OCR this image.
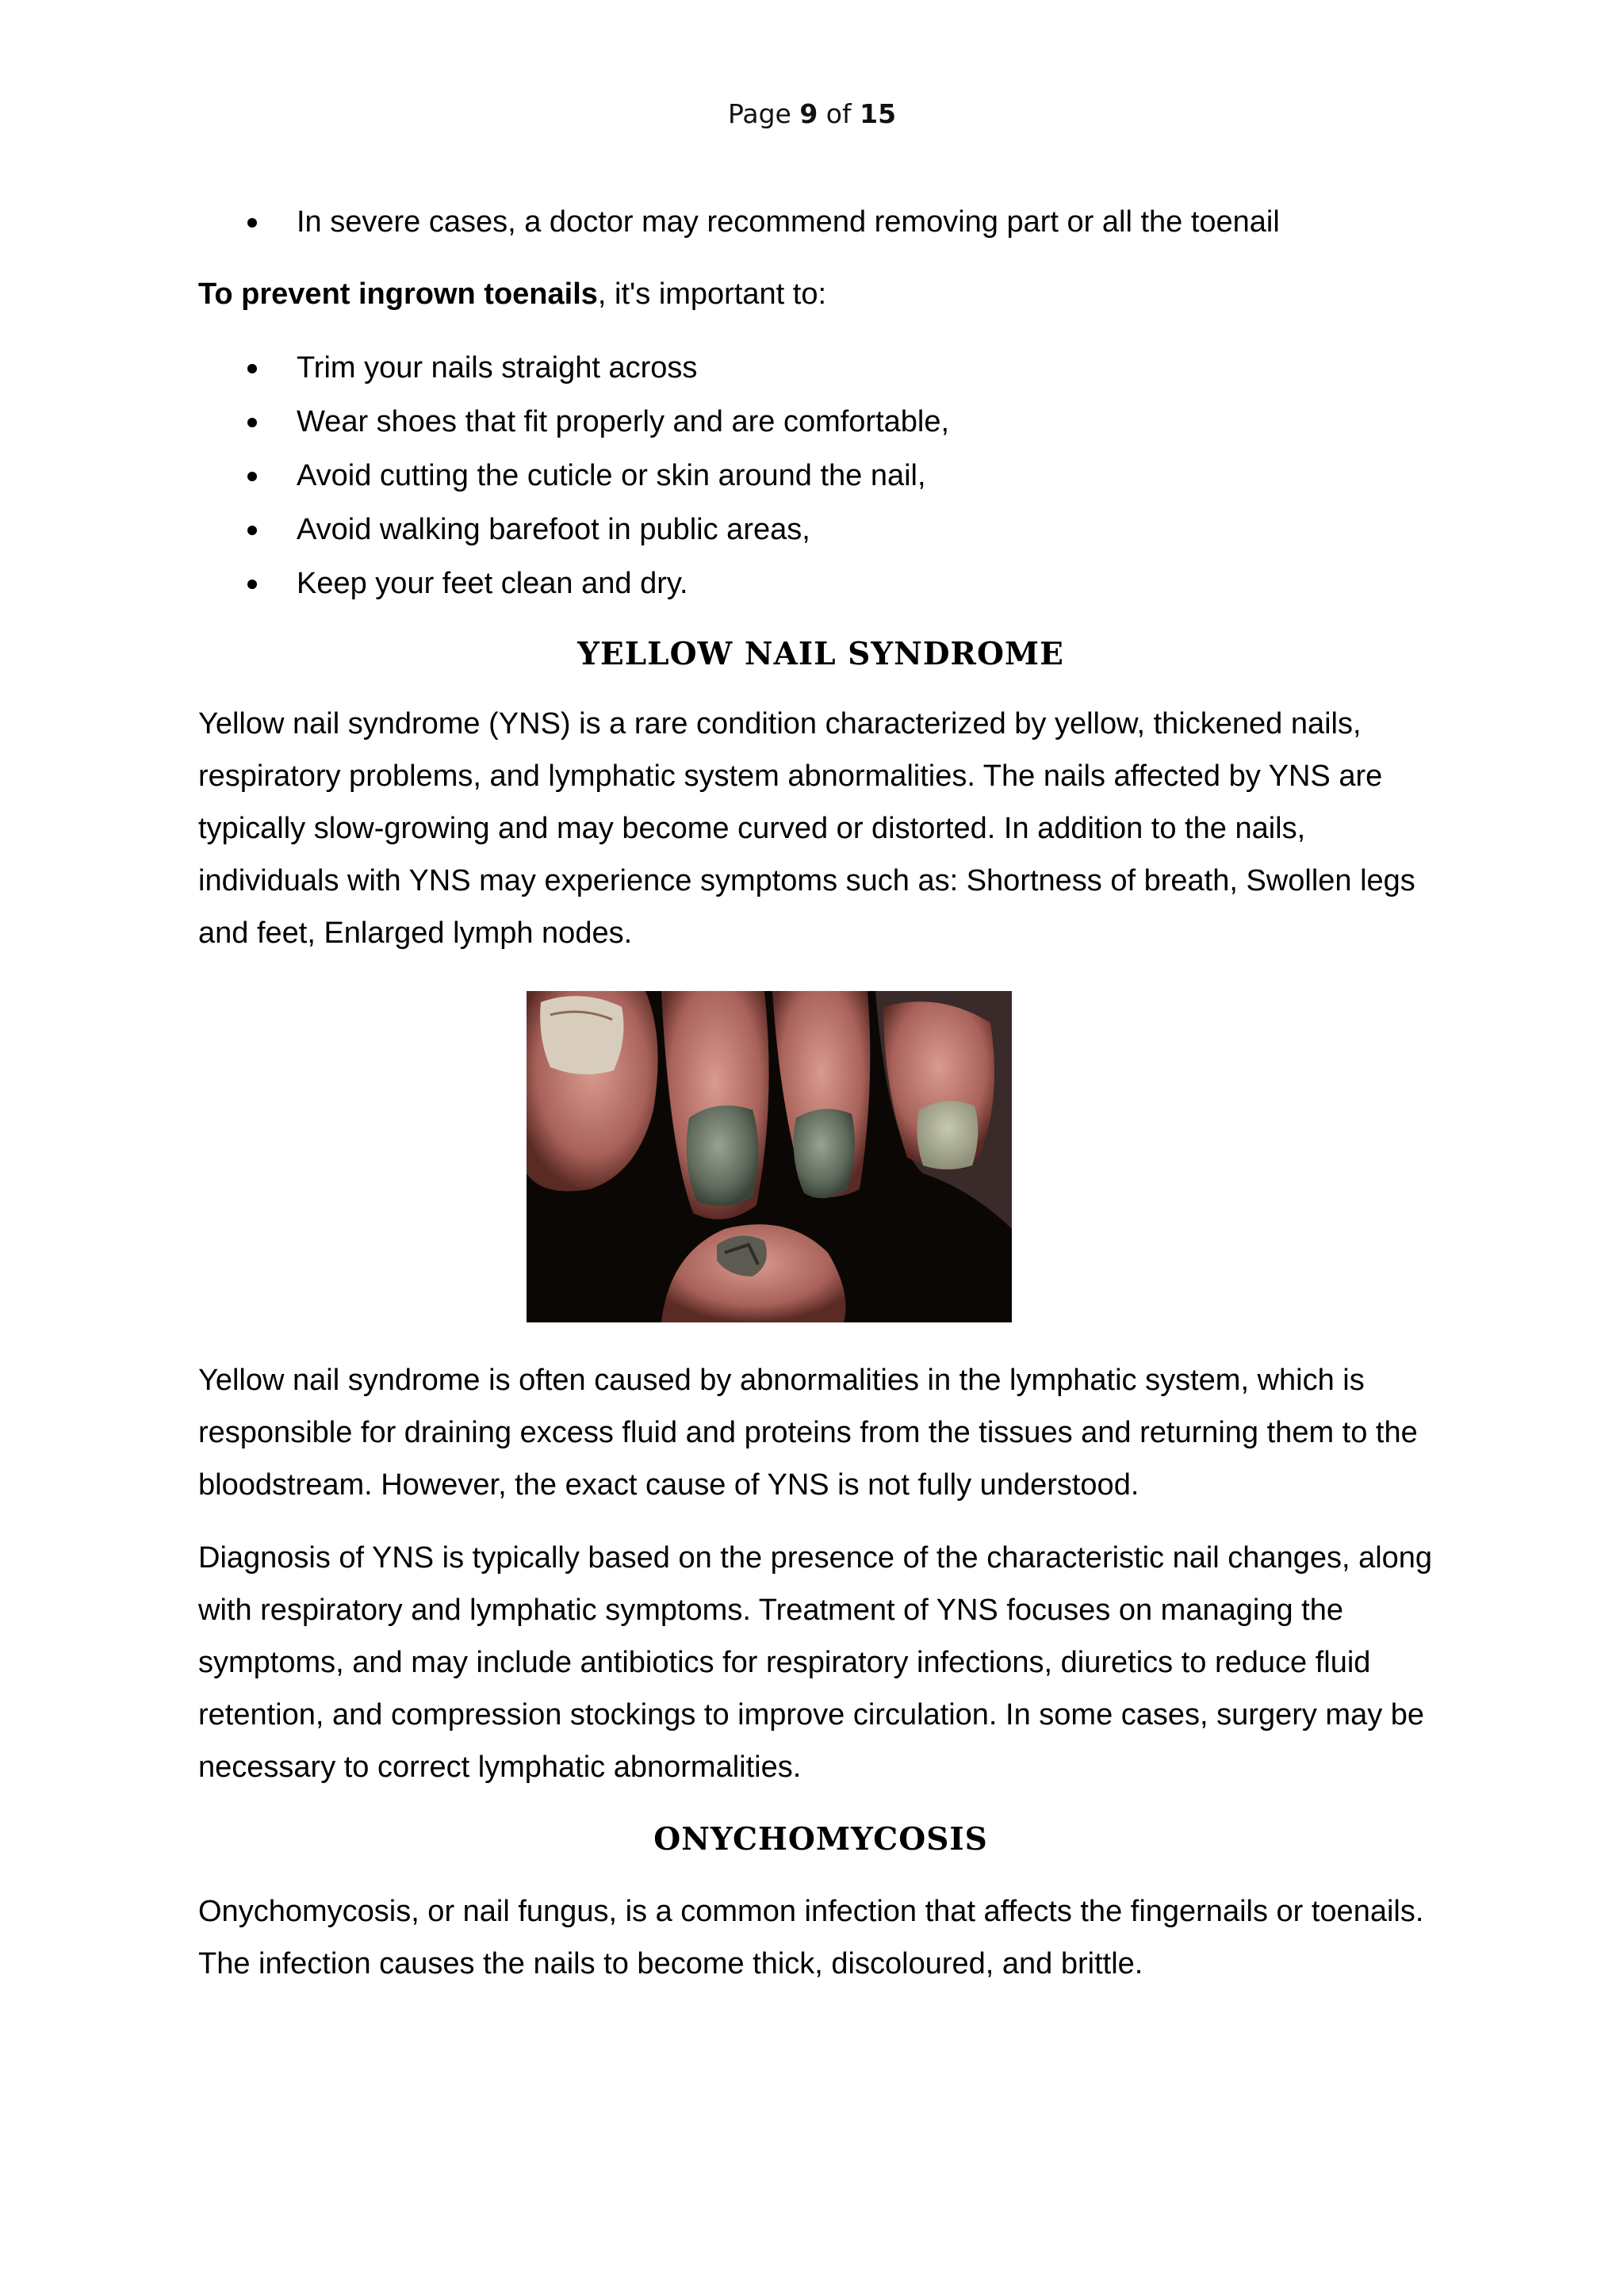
Page 9 of 15
In severe cases, a doctor may recommend removing part or all the toenail

To prevent ingrown toenails, it's important to:

Trim your nails straight across
Wear shoes that fit properly and are comfortable,
Avoid cutting the cuticle or skin around the nail,
Avoid walking barefoot in public areas,
Keep your feet clean and dry.
YELLOW NAIL SYNDROME

Yellow nail syndrome (YNS) is a rare condition characterized by yellow, thickened nails, respiratory problems, and lymphatic system abnormalities. The nails affected by YNS are typically slow-growing and may become curved or distorted. In addition to the nails, individuals with YNS may experience symptoms such as: Shortness of breath, Swollen legs and feet, Enlarged lymph nodes.

Yellow nail syndrome is often caused by abnormalities in the lymphatic system, which is responsible for draining excess fluid and proteins from the tissues and returning them to the bloodstream. However, the exact cause of YNS is not fully understood.

Diagnosis of YNS is typically based on the presence of the characteristic nail changes, along with respiratory and lymphatic symptoms. Treatment of YNS focuses on managing the symptoms, and may include antibiotics for respiratory infections, diuretics to reduce fluid retention, and compression stockings to improve circulation. In some cases, surgery may be necessary to correct lymphatic abnormalities.

ONYCHOMYCOSIS

Onychomycosis, or nail fungus, is a common infection that affects the fingernails or toenails. The infection causes the nails to become thick, discoloured, and brittle.
